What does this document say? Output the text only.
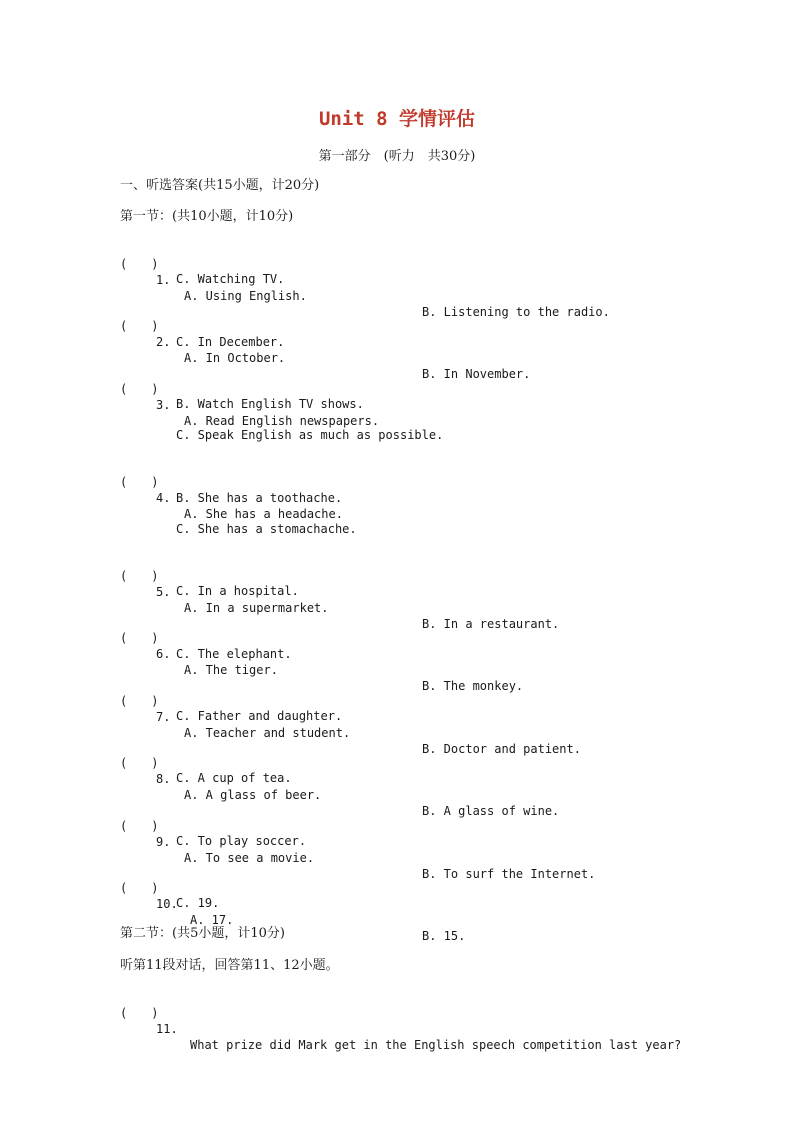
Unit 8 学情评估
第一部分　(听力　共30分)
一、听选答案(共15小题，计20分)
第一节：(共10小题，计10分)

(　　)

1.

A. Using English.

B. Listening to the radio.

C. Watching TV.

(　　)

2.

A. In October.

B. In November.

C. In December.

(　　)

3.

A. Read English newspapers.

B. Watch English TV shows.
C. Speak English as much as possible.

(　　)

4.

A. She has a headache.

B. She has a toothache.
C. She has a stomachache.

(　　)

5.

A. In a supermarket.

B. In a restaurant.

C. In a hospital.

(　　)

6.

A. The tiger.

B. The monkey.

C. The elephant.

(　　)

7.

A. Teacher and student.

B. Doctor and patient.

C. Father and daughter.

(　　)

8.

A. A glass of beer.

B. A glass of wine.

C. A cup of tea.

(　　)

9.

A. To see a movie.

B. To surf the Internet.

C. To play soccer.

(　　)

10.

A. 17.

B. 15.

C. 19.
第二节：(共5小题，计10分)
听第11段对话，回答第11、12小题。

(　　)

11.

What prize did Mark get in the English speech competition last year?
